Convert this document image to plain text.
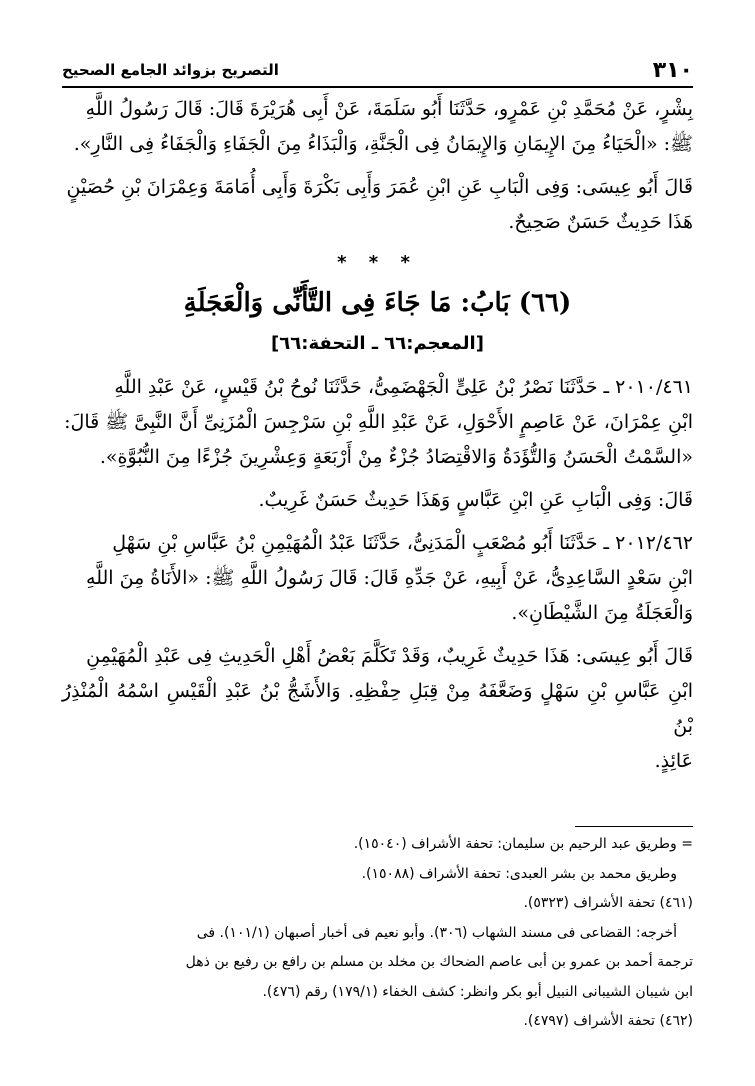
٣١٠
التصريح بزوائد الجامع الصحيح

بِشْرٍ، عَنْ مُحَمَّدِ بْنِ عَمْرٍو، حَدَّثَنَا أَبُو سَلَمَةَ، عَنْ أَبِى هُرَيْرَةَ قَالَ: قَالَ رَسُولُ اللَّهِ

ﷺ: «الْحَيَاءُ مِنَ الإِيمَانِ وَالإِيمَانُ فِى الْجَنَّةِ، وَالْبَذَاءُ مِنَ الْجَفَاءِ وَالْجَفَاءُ فِى النَّارِ».

قَالَ أَبُو عِيسَى: وَفِى الْبَابِ عَنِ ابْنِ عُمَرَ وَأَبِى بَكْرَةَ وَأَبِى أُمَامَةَ وَعِمْرَانَ بْنِ حُصَيْنٍ

هَذَا حَدِيثٌ حَسَنٌ صَحِيحٌ.

* * *
(٦٦) بَابُ: مَا جَاءَ فِى التَّأَنِّى وَالْعَجَلَةِ
[المعجم:٦٦ ـ التحفة:٦٦]

٢٠١٠/٤٦١ ـ حَدَّثَنَا نَصْرُ بْنُ عَلِىٍّ الْجَهْضَمِىُّ، حَدَّثَنَا نُوحُ بْنُ قَيْسٍ، عَنْ عَبْدِ اللَّهِ

ابْنِ عِمْرَانَ، عَنْ عَاصِمٍ الأَحْوَلِ، عَنْ عَبْدِ اللَّهِ بْنِ سَرْجِسَ الْمُزَنِىِّ أَنَّ النَّبِىَّ ﷺ قَالَ:

«السَّمْتُ الْحَسَنُ وَالتُّؤَدَةُ وَالاقْتِصَادُ جُزْءٌ مِنْ أَرْبَعَةٍ وَعِشْرِينَ جُزْءًا مِنَ النُّبُوَّةِ».

قَالَ: وَفِى الْبَابِ عَنِ ابْنِ عَبَّاسٍ وَهَذَا حَدِيثٌ حَسَنٌ غَرِيبٌ.

٢٠١٢/٤٦٢ ـ حَدَّثَنَا أَبُو مُصْعَبٍ الْمَدَنِىُّ، حَدَّثَنَا عَبْدُ الْمُهَيْمِنِ بْنُ عَبَّاسِ بْنِ سَهْلِ

ابْنِ سَعْدٍ السَّاعِدِىُّ، عَنْ أَبِيهِ، عَنْ جَدِّهِ قَالَ: قَالَ رَسُولُ اللَّهِ ﷺ: «الأَنَاةُ مِنَ اللَّهِ

وَالْعَجَلَةُ مِنَ الشَّيْطَانِ».

قَالَ أَبُو عِيسَى: هَذَا حَدِيثٌ غَرِيبٌ، وَقَدْ تَكَلَّمَ بَعْضُ أَهْلِ الْحَدِيثِ فِى عَبْدِ الْمُهَيْمِنِ

ابْنِ عَبَّاسِ بْنِ سَهْلٍ وَضَعَّفَهُ مِنْ قِبَلِ حِفْظِهِ. وَالأَشَجُّ بْنُ عَبْدِ الْقَيْسِ اسْمُهُ الْمُنْذِرُ بْنُ

عَائِذٍ.

= وطريق عبد الرحيم بن سليمان: تحفة الأشراف (١٥٠٤٠).

وطريق محمد بن بشر العبدى: تحفة الأشراف (١٥٠٨٨).

(٤٦١) تحفة الأشراف (٥٣٢٣).

أخرجه: القضاعى فى مسند الشهاب (٣٠٦). وأبو نعيم فى أخبار أصبهان (١٠١/١). فى

ترجمة أحمد بن عمرو بن أبى عاصم الضحاك بن مخلد بن مسلم بن رافع بن رفيع بن ذهل

ابن شيبان الشيبانى النبيل أبو بكر وانظر: كشف الخفاء (١٧٩/١) رقم (٤٧٦).

(٤٦٢) تحفة الأشراف (٤٧٩٧).
